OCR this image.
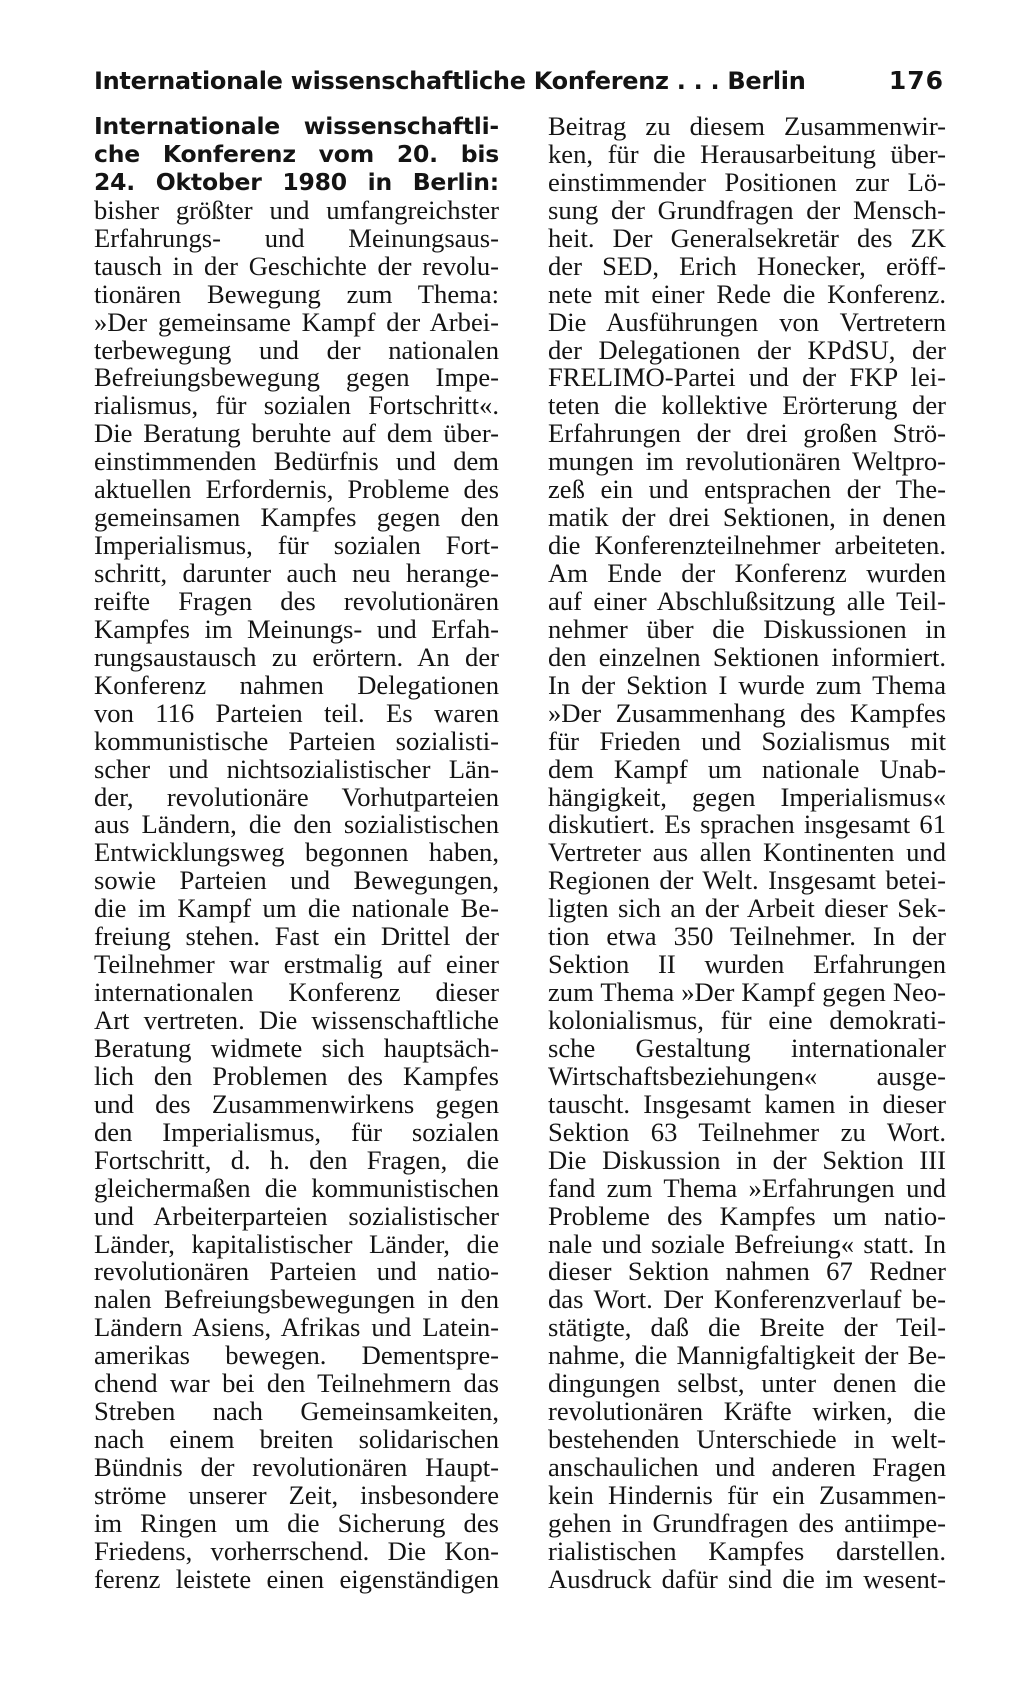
Internationale wissenschaftliche Konferenz . . . Berlin	176
Internationale wissenschaftli-
che Konferenz vom 20. bis
24. Oktober 1980 in Berlin:
bisher größter und umfangreichster
Erfahrungs- und Meinungsaus-
tausch in der Geschichte der revolu-
tionären Bewegung zum Thema:
»Der gemeinsame Kampf der Arbei-
terbewegung und der nationalen
Befreiungsbewegung gegen Impe-
rialismus, für sozialen Fortschritt«.
Die Beratung beruhte auf dem über-
einstimmenden Bedürfnis und dem
aktuellen Erfordernis, Probleme des
gemeinsamen Kampfes gegen den
Imperialismus, für sozialen Fort-
schritt, darunter auch neu herange-
reifte Fragen des revolutionären
Kampfes im Meinungs- und Erfah-
rungsaustausch zu erörtern. An der
Konferenz nahmen Delegationen
von 116 Parteien teil. Es waren
kommunistische Parteien sozialisti-
scher und nichtsozialistischer Län-
der, revolutionäre Vorhutparteien
aus Ländern, die den sozialistischen
Entwicklungsweg begonnen haben,
sowie Parteien und Bewegungen,
die im Kampf um die nationale Be-
freiung stehen. Fast ein Drittel der
Teilnehmer war erstmalig auf einer
internationalen Konferenz dieser
Art vertreten. Die wissenschaftliche
Beratung widmete sich hauptsäch-
lich den Problemen des Kampfes
und des Zusammenwirkens gegen
den Imperialismus, für sozialen
Fortschritt, d. h. den Fragen, die
gleichermaßen die kommunistischen
und Arbeiterparteien sozialistischer
Länder, kapitalistischer Länder, die
revolutionären Parteien und natio-
nalen Befreiungsbewegungen in den
Ländern Asiens, Afrikas und Latein-
amerikas bewegen. Dementspre-
chend war bei den Teilnehmern das
Streben nach Gemeinsamkeiten,
nach einem breiten solidarischen
Bündnis der revolutionären Haupt-
ströme unserer Zeit, insbesondere
im Ringen um die Sicherung des
Friedens, vorherrschend. Die Kon-
ferenz leistete einen eigenständigen
Beitrag zu diesem Zusammenwir-
ken, für die Herausarbeitung über-
einstimmender Positionen zur Lö-
sung der Grundfragen der Mensch-
heit. Der Generalsekretär des ZK
der SED, Erich Honecker, eröff-
nete mit einer Rede die Konferenz.
Die Ausführungen von Vertretern
der Delegationen der KPdSU, der
FRELIMO-Partei und der FKP lei-
teten die kollektive Erörterung der
Erfahrungen der drei großen Strö-
mungen im revolutionären Weltpro-
zeß ein und entsprachen der The-
matik der drei Sektionen, in denen
die Konferenzteilnehmer arbeiteten.
Am Ende der Konferenz wurden
auf einer Abschlußsitzung alle Teil-
nehmer über die Diskussionen in
den einzelnen Sektionen informiert.
In der Sektion I wurde zum Thema
»Der Zusammenhang des Kampfes
für Frieden und Sozialismus mit
dem Kampf um nationale Unab-
hängigkeit, gegen Imperialismus«
diskutiert. Es sprachen insgesamt 61
Vertreter aus allen Kontinenten und
Regionen der Welt. Insgesamt betei-
ligten sich an der Arbeit dieser Sek-
tion etwa 350 Teilnehmer. In der
Sektion II wurden Erfahrungen
zum Thema »Der Kampf gegen Neo-
kolonialismus, für eine demokrati-
sche Gestaltung internationaler
Wirtschaftsbeziehungen« ausge-
tauscht. Insgesamt kamen in dieser
Sektion 63 Teilnehmer zu Wort.
Die Diskussion in der Sektion III
fand zum Thema »Erfahrungen und
Probleme des Kampfes um natio-
nale und soziale Befreiung« statt. In
dieser Sektion nahmen 67 Redner
das Wort. Der Konferenzverlauf be-
stätigte, daß die Breite der Teil-
nahme, die Mannigfaltigkeit der Be-
dingungen selbst, unter denen die
revolutionären Kräfte wirken, die
bestehenden Unterschiede in welt-
anschaulichen und anderen Fragen
kein Hindernis für ein Zusammen-
gehen in Grundfragen des antiimpe-
rialistischen Kampfes darstellen.
Ausdruck dafür sind die im wesent-
